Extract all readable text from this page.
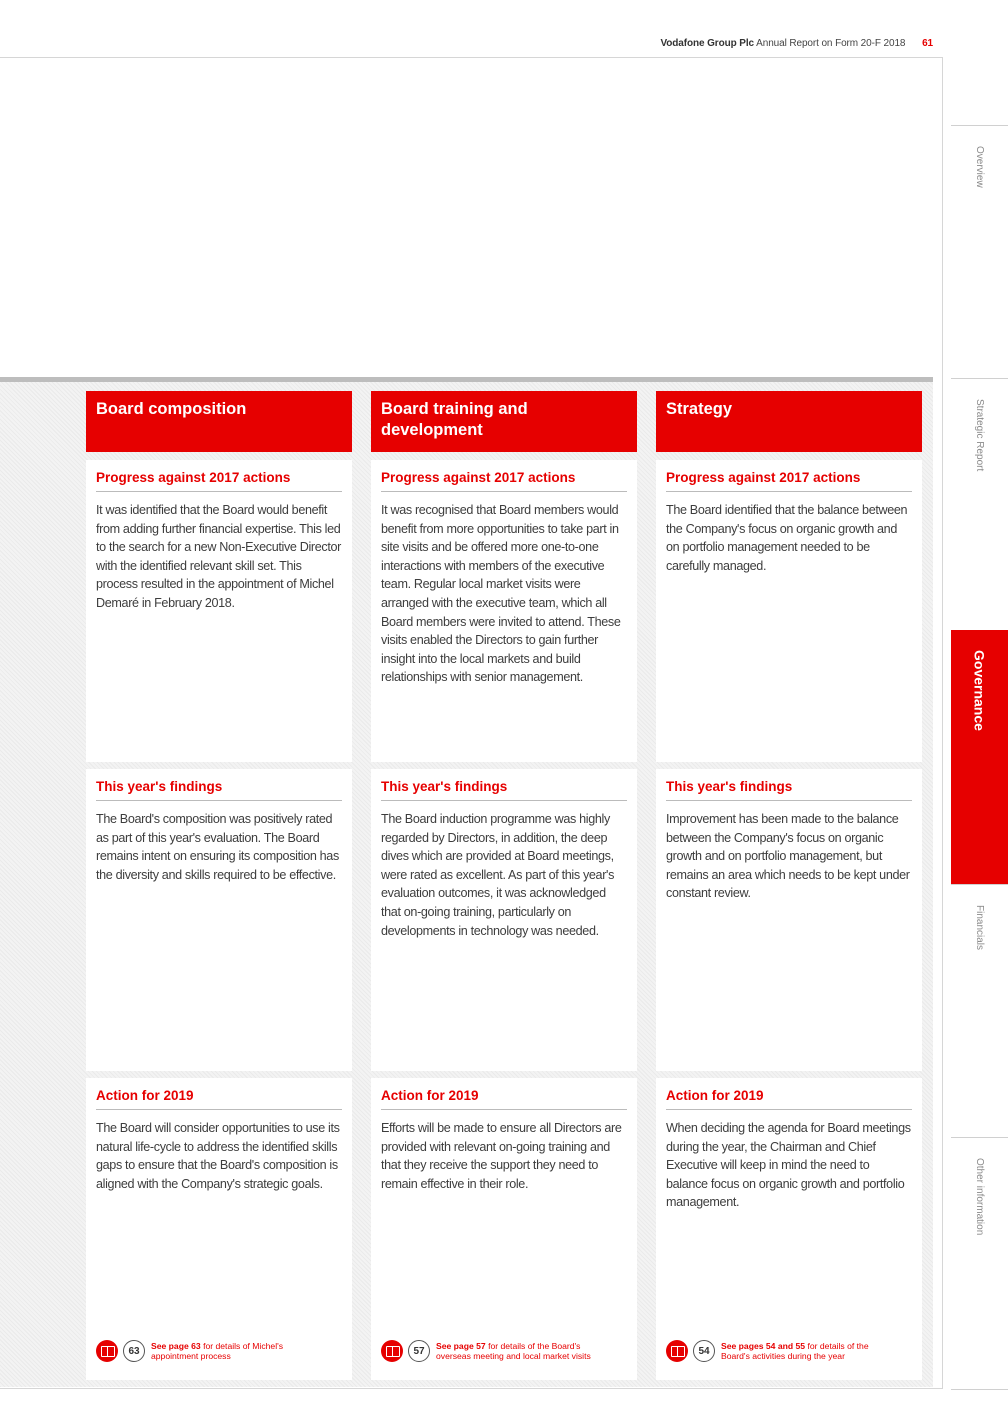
Vodafone Group Plc Annual Report on Form 20-F 2018 61
Overview
Strategic Report
Governance
Financials
Other information
Board composition
Progress against 2017 actions
It was identified that the Board would benefit from adding further financial expertise. This led to the search for a new Non-Executive Director with the identified relevant skill set. This process resulted in the appointment of Michel Demaré in February 2018.
This year's findings
The Board's composition was positively rated as part of this year's evaluation. The Board remains intent on ensuring its composition has the diversity and skills required to be effective.
Action for 2019
The Board will consider opportunities to use its natural life-cycle to address the identified skills gaps to ensure that the Board's composition is aligned with the Company's strategic goals.
63	See page 63 for details of Michel's
appointment process
Board training and development
Progress against 2017 actions
It was recognised that Board members would benefit from more opportunities to take part in site visits and be offered more one-to-one interactions with members of the executive team. Regular local market visits were arranged with the executive team, which all Board members were invited to attend. These visits enabled the Directors to gain further insight into the local markets and build relationships with senior management.
This year's findings
The Board induction programme was highly regarded by Directors, in addition, the deep dives which are provided at Board meetings, were rated as excellent. As part of this year's evaluation outcomes, it was acknowledged that on-going training, particularly on developments in technology was needed.
Action for 2019
Efforts will be made to ensure all Directors are provided with relevant on-going training and that they receive the support they need to remain effective in their role.
57	See page 57 for details of the Board's
overseas meeting and local market visits
Strategy
Progress against 2017 actions
The Board identified that the balance between the Company's focus on organic growth and on portfolio management needed to be carefully managed.
This year's findings
Improvement has been made to the balance between the Company's focus on organic growth and on portfolio management, but remains an area which needs to be kept under constant review.
Action for 2019
When deciding the agenda for Board meetings during the year, the Chairman and Chief Executive will keep in mind the need to balance focus on organic growth and portfolio management.
54	See pages 54 and 55 for details of the
Board's activities during the year
